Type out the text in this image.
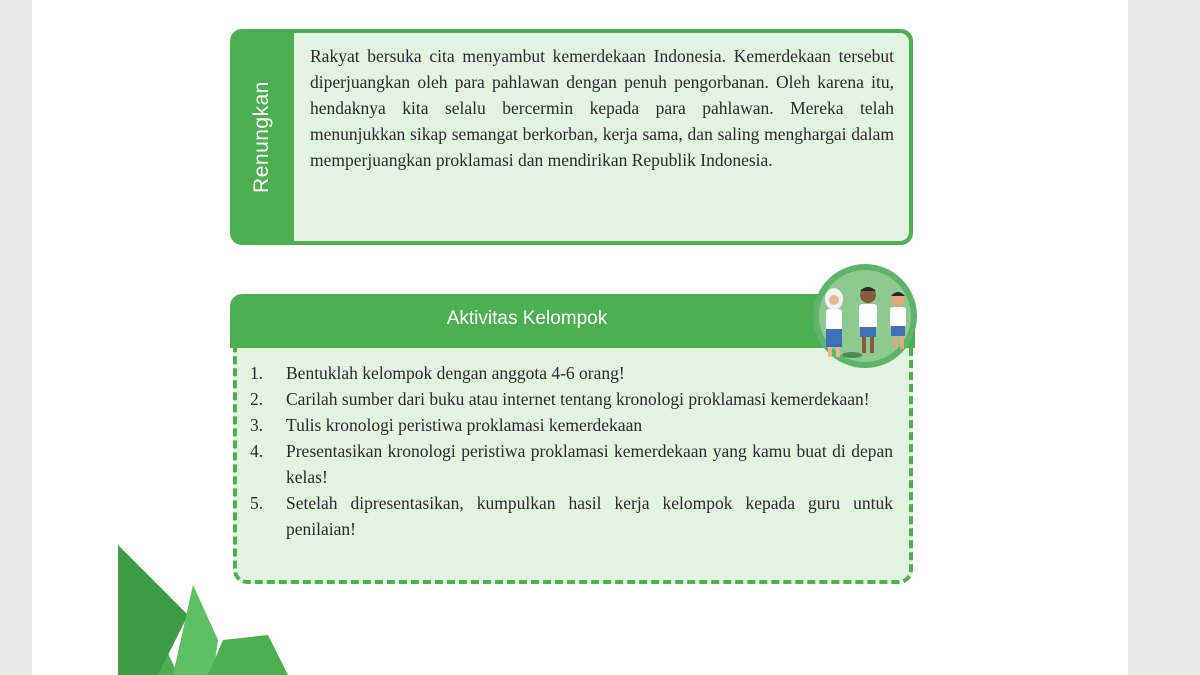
Renungkan

Rakyat bersuka cita menyambut kemerdekaan Indonesia. Kemerdekaan tersebut diperjuangkan oleh para pahlawan dengan penuh pengorbanan. Oleh karena itu, hendaknya kita selalu bercermin kepada para pahlawan. Mereka telah menunjukkan sikap semangat berkorban, kerja sama, dan saling menghargai dalam memperjuangkan proklamasi dan mendirikan Republik Indonesia.

Aktivitas Kelompok
1. Bentuklah kelompok dengan anggota 4-6 orang!
2. Carilah sumber dari buku atau internet tentang kronologi proklamasi kemerdekaan!
3. Tulis kronologi peristiwa proklamasi kemerdekaan
4. Presentasikan kronologi peristiwa proklamasi kemerdekaan yang kamu buat di depan kelas!
5. Setelah dipresentasikan, kumpulkan hasil kerja kelompok kepada guru untuk penilaian!
